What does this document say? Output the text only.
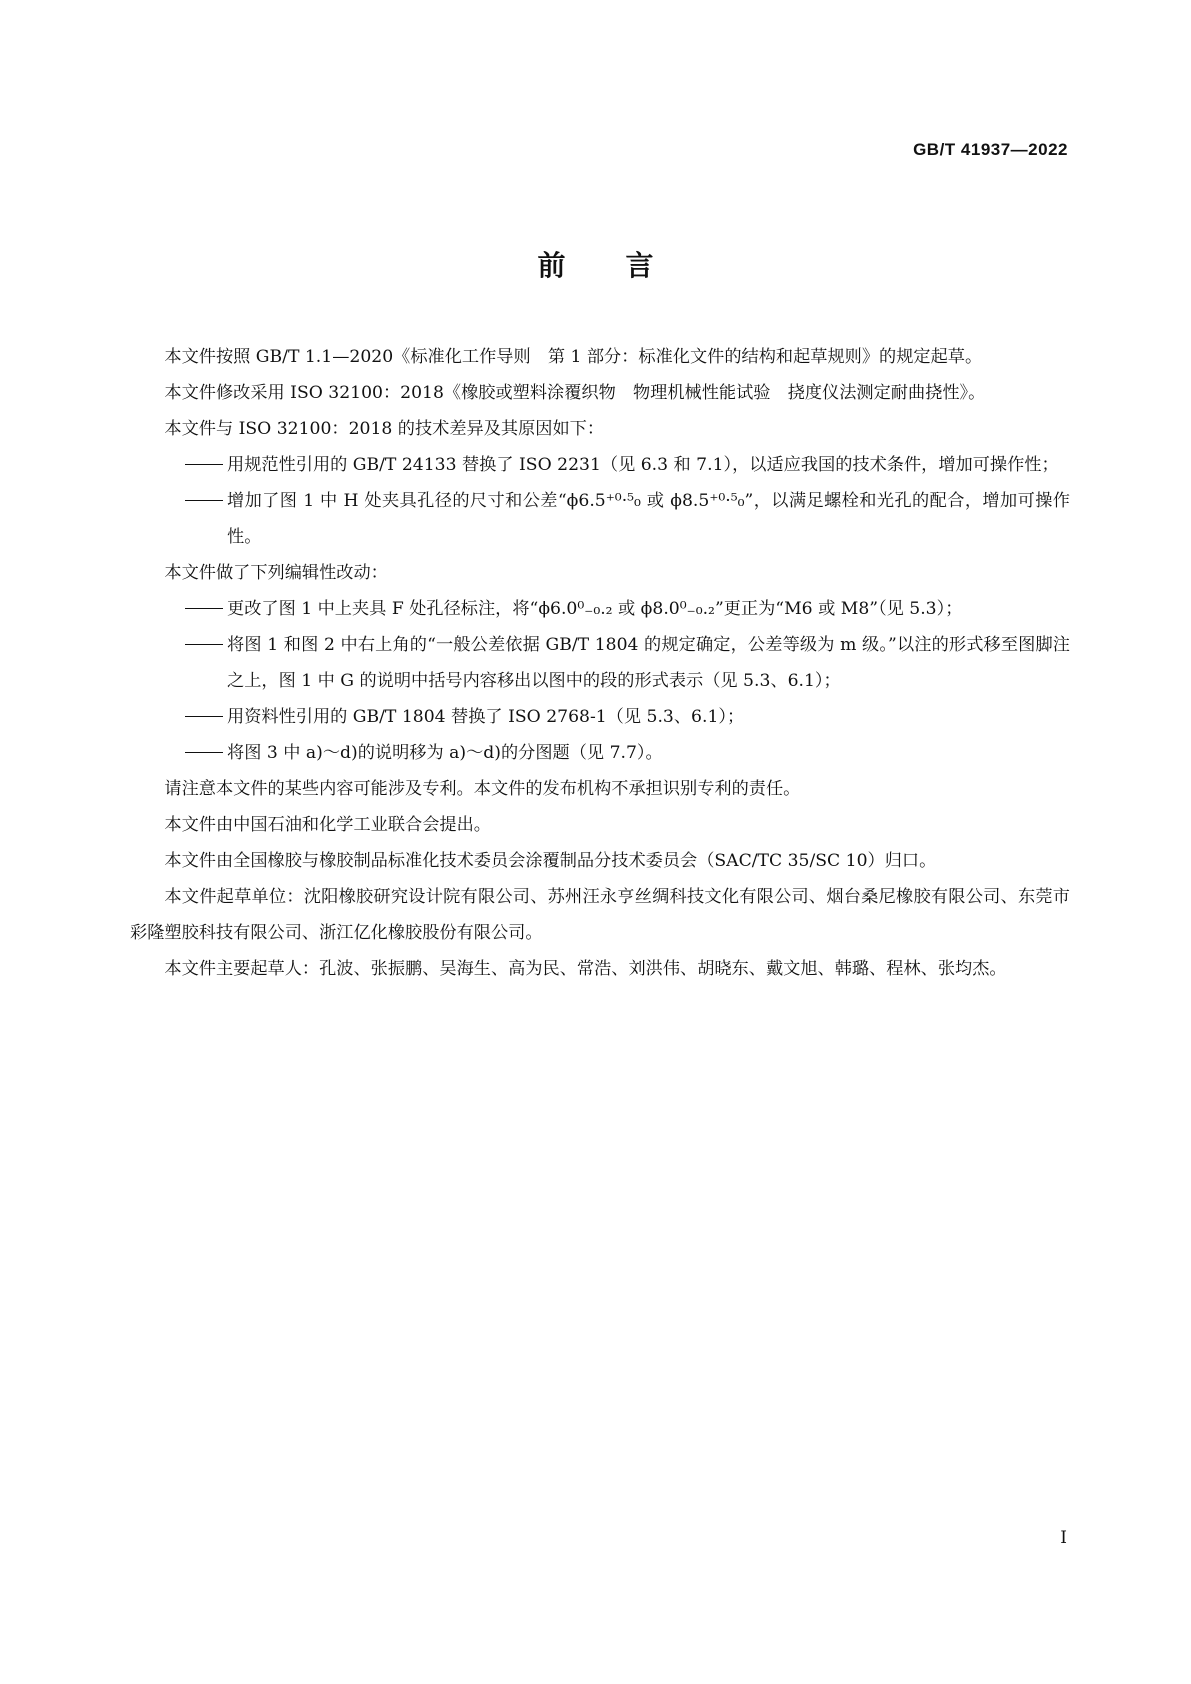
GB/T 41937—2022
前言

本文件按照 GB/T 1.1—2020《标准化工作导则　第 1 部分：标准化文件的结构和起草规则》的规定起草。

本文件修改采用 ISO 32100：2018《橡胶或塑料涂覆织物　物理机械性能试验　挠度仪法测定耐曲挠性》。

本文件与 ISO 32100：2018 的技术差异及其原因如下：

用规范性引用的 GB/T 24133 替换了 ISO 2231（见 6.3 和 7.1），以适应我国的技术条件，增加可操作性；

增加了图 1 中 H 处夹具孔径的尺寸和公差“ϕ6.5⁺⁰·⁵₀ 或 ϕ8.5⁺⁰·⁵₀”，以满足螺栓和光孔的配合，增加可操作性。

本文件做了下列编辑性改动：

更改了图 1 中上夹具 F 处孔径标注，将“ϕ6.0⁰₋₀.₂ 或 ϕ8.0⁰₋₀.₂”更正为“M6 或 M8”（见 5.3）；

将图 1 和图 2 中右上角的“一般公差依据 GB/T 1804 的规定确定，公差等级为 m 级。”以注的形式移至图脚注之上，图 1 中 G 的说明中括号内容移出以图中的段的形式表示（见 5.3、6.1）；

用资料性引用的 GB/T 1804 替换了 ISO 2768-1（见 5.3、6.1）；

将图 3 中 a)～d)的说明移为 a)～d)的分图题（见 7.7）。

请注意本文件的某些内容可能涉及专利。本文件的发布机构不承担识别专利的责任。

本文件由中国石油和化学工业联合会提出。

本文件由全国橡胶与橡胶制品标准化技术委员会涂覆制品分技术委员会（SAC/TC 35/SC 10）归口。

本文件起草单位：沈阳橡胶研究设计院有限公司、苏州汪永亨丝绸科技文化有限公司、烟台桑尼橡胶有限公司、东莞市彩隆塑胶科技有限公司、浙江亿化橡胶股份有限公司。

本文件主要起草人：孔波、张振鹏、吴海生、高为民、常浩、刘洪伟、胡晓东、戴文旭、韩璐、程林、张均杰。

I
